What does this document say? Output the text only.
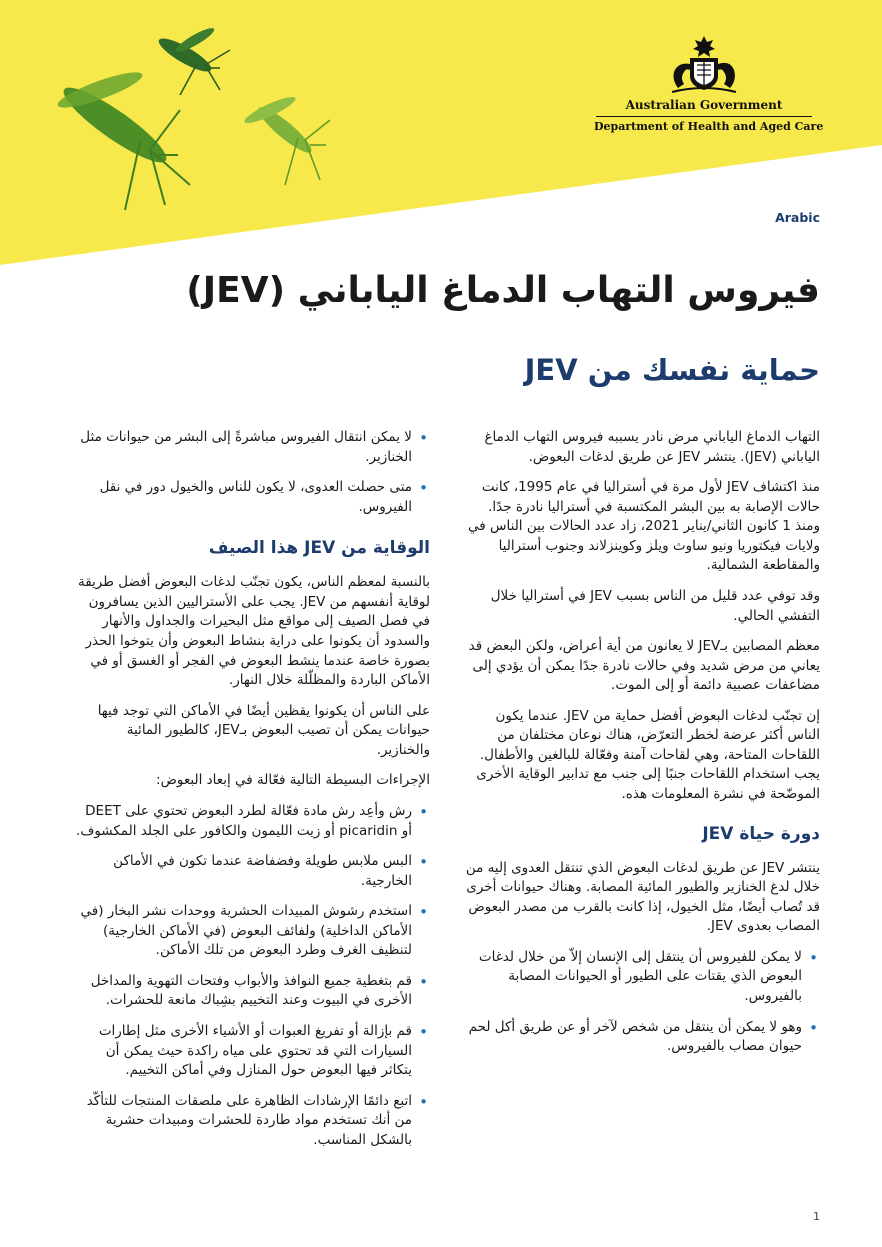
Australian Government
Department of Health and Aged Care
Arabic
فيروس التهاب الدماغ الياباني (JEV)
حماية نفسك من JEV

التهاب الدماغ الياباني مرض نادر يسببه فيروس التهاب الدماغ الياباني (JEV). ينتشر JEV عن طريق لدغات البعوض.

منذ اكتشاف JEV لأول مرة في أستراليا في عام 1995، كانت حالات الإصابة به بين البشر المكتسبة في أستراليا نادرة جدًا. ومنذ 1 كانون الثاني/يناير 2021، زاد عدد الحالات بين الناس في ولايات فيكتوريا ونيو ساوث ويلز وكوينزلاند وجنوب أستراليا والمقاطعة الشمالية.

وقد توفي عدد قليل من الناس بسبب JEV في أستراليا خلال التفشي الحالي.

معظم المصابين بـJEV لا يعانون من أية أعراض، ولكن البعض قد يعاني من مرض شديد وفي حالات نادرة جدًا يمكن أن يؤدي إلى مضاعفات عصبية دائمة أو إلى الموت.

إن تجنّب لدغات البعوض أفضل حماية من JEV. عندما يكون الناس أكثر عرضة لخطر التعرّض، هناك نوعان مختلفان من اللقاحات المتاحة، وهي لقاحات آمنة وفعّالة للبالغين والأطفال. يجب استخدام اللقاحات جنبًا إلى جنب مع تدابير الوقاية الأخرى الموضّحة في نشرة المعلومات هذه.

دورة حياة JEV

ينتشر JEV عن طريق لدغات البعوض الذي تنتقل العدوى إليه من خلال لدغ الخنازير والطيور المائية المصابة. وهناك حيوانات أخرى قد تُصاب أيضًا، مثل الخيول، إذا كانت بالقرب من مصدر البعوض المصاب بعدوى JEV.

• لا يمكن للفيروس أن ينتقل إلى الإنسان إلاّ من خلال لدغات البعوض الذي يقتات على الطيور أو الحيوانات المصابة بالفيروس.
• وهو لا يمكن أن ينتقل من شخص لآخر أو عن طريق أكل لحم حيوان مصاب بالفيروس.
• لا يمكن انتقال الفيروس مباشرةً إلى البشر من حيوانات مثل الخنازير.
• متى حصلت العدوى، لا يكون للناس والخيول دور في نقل الفيروس.
الوقاية من JEV هذا الصيف

بالنسبة لمعظم الناس، يكون تجنّب لدغات البعوض أفضل طريقة لوقاية أنفسهم من JEV. يجب على الأستراليين الذين يسافرون في فصل الصيف إلى مواقع مثل البحيرات والجداول والأنهار والسدود أن يكونوا على دراية بنشاط البعوض وأن يتوخوا الحذر بصورة خاصة عندما ينشط البعوض في الفجر أو الغسق أو في الأماكن الباردة والمظلّلة خلال النهار.

على الناس أن يكونوا يقظين أيضًا في الأماكن التي توجد فيها حيوانات يمكن أن تصيب البعوض بـJEV، كالطيور المائية والخنازير.

الإجراءات البسيطة التالية فعّالة في إبعاد البعوض:

• رش وأعِد رش مادة فعّالة لطرد البعوض تحتوي على DEET أو picaridin أو زيت الليمون والكافور على الجلد المكشوف.
• البس ملابس طويلة وفضفاضة عندما تكون في الأماكن الخارجية.
• استخدم رشوش المبيدات الحشرية ووحدات نشر البخار (في الأماكن الداخلية) ولفائف البعوض (في الأماكن الخارجية) لتنظيف الغرف وطرد البعوض من تلك الأماكن.
• قم بتغطية جميع النوافذ والأبواب وفتحات التهوية والمداخل الأخرى في البيوت وعند التخييم بشِباك مانعة للحشرات.
• قم بإزالة أو تفريغ العبوات أو الأشياء الأخرى مثل إطارات السيارات التي قد تحتوي على مياه راكدة حيث يمكن أن يتكاثر فيها البعوض حول المنازل وفي أماكن التخييم.
• اتبع دائمًا الإرشادات الظاهرة على ملصقات المنتجات للتأكّد من أنك تستخدم مواد طاردة للحشرات ومبيدات حشرية بالشكل المناسب.
1
